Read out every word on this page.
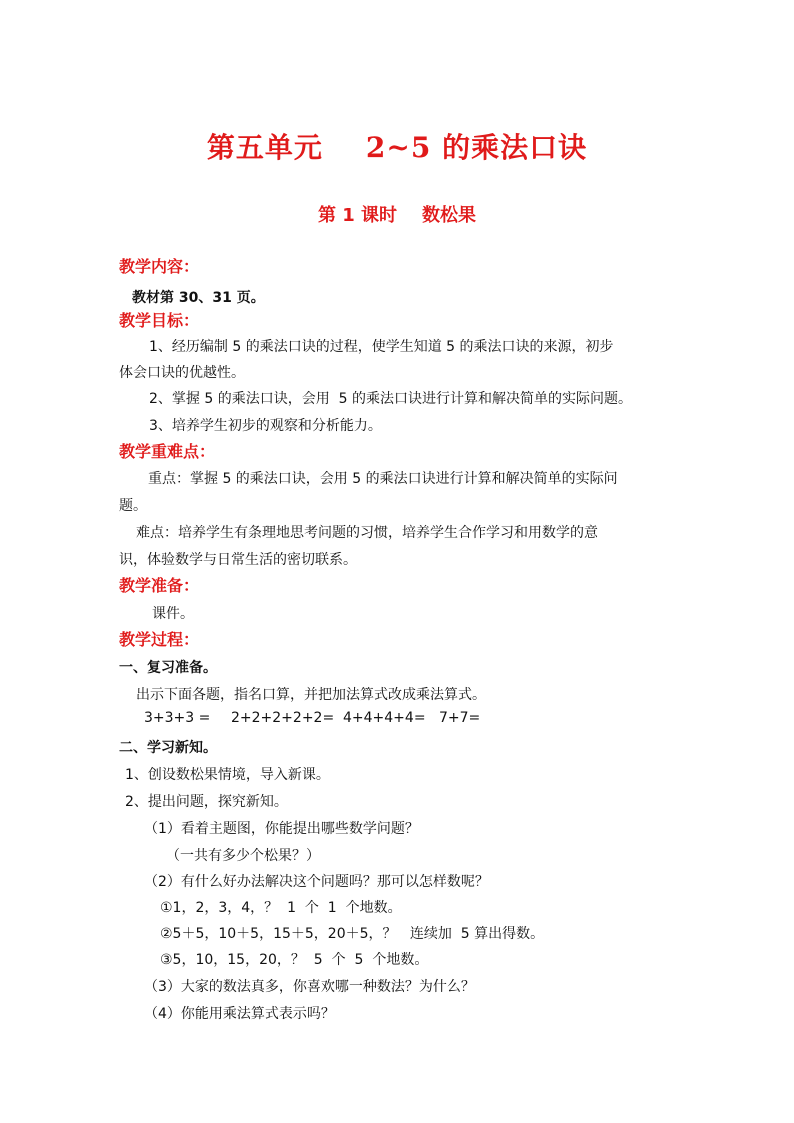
第五单元    2~5 的乘法口诀
第 1 课时    数松果
教学内容：
教材第 30、31 页。
教学目标：
1、经历编制 5 的乘法口诀的过程，使学生知道 5 的乘法口诀的来源，初步
体会口诀的优越性。
2、掌握 5 的乘法口诀，会用  5 的乘法口诀进行计算和解决简单的实际问题。
3、培养学生初步的观察和分析能力。
教学重难点：
重点：掌握 5 的乘法口诀，会用 5 的乘法口诀进行计算和解决简单的实际问
题。
难点：培养学生有条理地思考问题的习惯，培养学生合作学习和用数学的意
识，体验数学与日常生活的密切联系。
教学准备：
课件。
教学过程：
一、复习准备。
出示下面各题，指名口算，并把加法算式改成乘法算式。
3+3+3 = 2+2+2+2+2= 4+4+4+4= 7+7=
二、学习新知。
1、创设数松果情境，导入新课。
2、提出问题，探究新知。
（1）看着主题图，你能提出哪些数学问题？
（一共有多少个松果？）
（2）有什么好办法解决这个问题吗？那可以怎样数呢？
①1，2，3，4，？  1  个  1  个地数。
②5＋5，10＋5，15＋5，20＋5，？   连续加  5 算出得数。
③5，10，15，20，？  5  个  5  个地数。
（3）大家的数法真多，你喜欢哪一种数法？为什么？
（4）你能用乘法算式表示吗？
